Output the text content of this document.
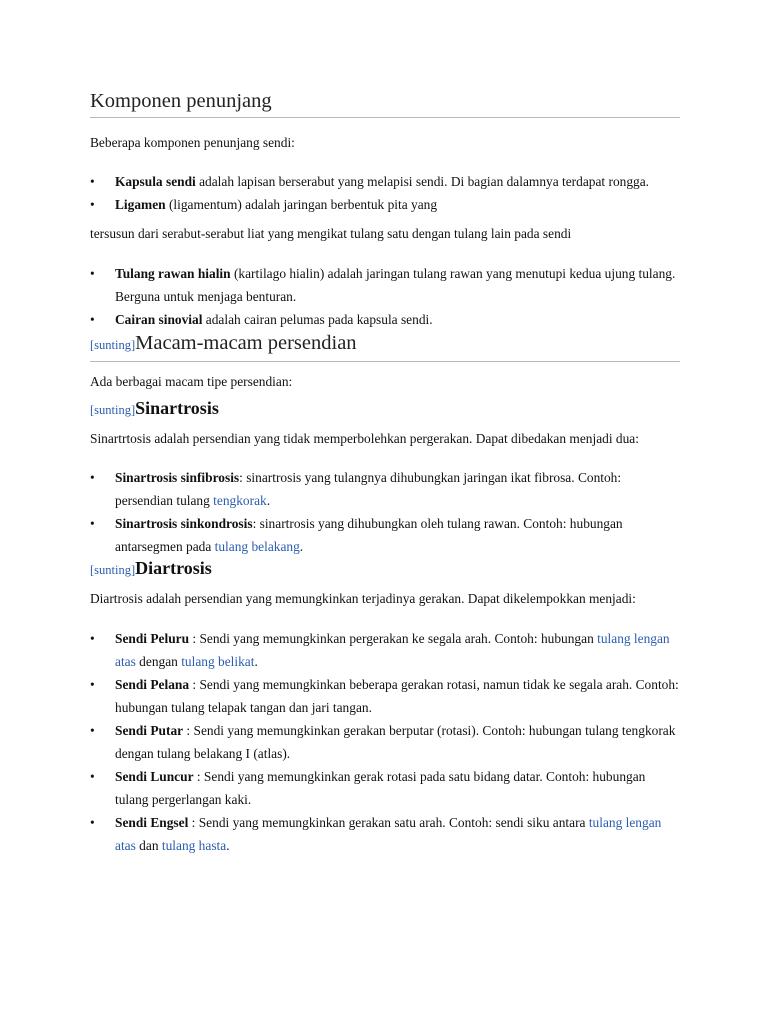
Komponen penunjang
Beberapa komponen penunjang sendi:
• Kapsula sendi adalah lapisan berserabut yang melapisi sendi. Di bagian dalamnya terdapat rongga.
• Ligamen (ligamentum) adalah jaringan berbentuk pita yang
tersusun dari serabut-serabut liat yang mengikat tulang satu dengan tulang lain pada sendi
• Tulang rawan hialin (kartilago hialin) adalah jaringan tulang rawan yang menutupi kedua ujung tulang. Berguna untuk menjaga benturan.
• Cairan sinovial adalah cairan pelumas pada kapsula sendi.
[sunting]Macam-macam persendian
Ada berbagai macam tipe persendian:
[sunting]Sinartrosis
Sinartrtosis adalah persendian yang tidak memperbolehkan pergerakan. Dapat dibedakan menjadi dua:
• Sinartrosis sinfibrosis: sinartrosis yang tulangnya dihubungkan jaringan ikat fibrosa. Contoh: persendian tulang tengkorak.
• Sinartrosis sinkondrosis: sinartrosis yang dihubungkan oleh tulang rawan. Contoh: hubungan antarsegmen pada tulang belakang.
[sunting]Diartrosis
Diartrosis adalah persendian yang memungkinkan terjadinya gerakan. Dapat dikelempokkan menjadi:
• Sendi Peluru : Sendi yang memungkinkan pergerakan ke segala arah. Contoh: hubungan tulang lengan atas dengan tulang belikat.
• Sendi Pelana : Sendi yang memungkinkan beberapa gerakan rotasi, namun tidak ke segala arah. Contoh: hubungan tulang telapak tangan dan jari tangan.
• Sendi Putar : Sendi yang memungkinkan gerakan berputar (rotasi). Contoh: hubungan tulang tengkorak dengan tulang belakang I (atlas).
• Sendi Luncur : Sendi yang memungkinkan gerak rotasi pada satu bidang datar. Contoh: hubungan tulang pergerlangan kaki.
• Sendi Engsel : Sendi yang memungkinkan gerakan satu arah. Contoh: sendi siku antara tulang lengan atas dan tulang hasta.
